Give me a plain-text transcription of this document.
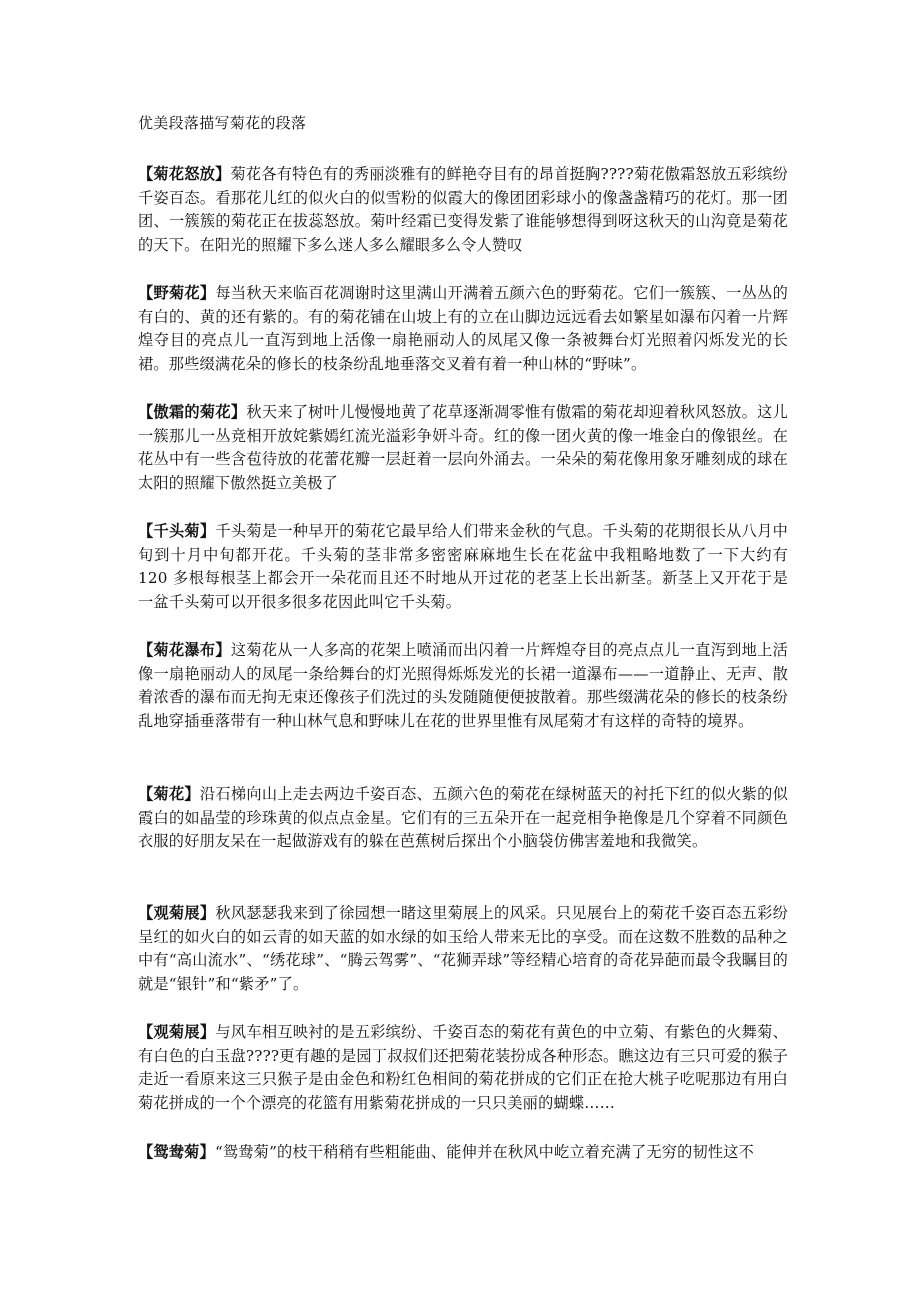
优美段落描写菊花的段落

【菊花怒放】菊花各有特色有的秀丽淡雅有的鲜艳夺目有的昂首挺胸????菊花傲霜怒放五彩缤纷千姿百态。看那花儿红的似火白的似雪粉的似霞大的像团团彩球小的像盏盏精巧的花灯。那一团团、一簇簇的菊花正在拔蕊怒放。菊叶经霜已变得发紫了谁能够想得到呀这秋天的山沟竟是菊花的天下。在阳光的照耀下多么迷人多么耀眼多么令人赞叹

【野菊花】每当秋天来临百花凋谢时这里满山开满着五颜六色的野菊花。它们一簇簇、一丛丛的有白的、黄的还有紫的。有的菊花铺在山坡上有的立在山脚边远远看去如繁星如瀑布闪着一片辉煌夺目的亮点儿一直泻到地上活像一扇艳丽动人的凤尾又像一条被舞台灯光照着闪烁发光的长裙。那些缀满花朵的修长的枝条纷乱地垂落交叉着有着一种山林的“野味”。

【傲霜的菊花】秋天来了树叶儿慢慢地黄了花草逐渐凋零惟有傲霜的菊花却迎着秋风怒放。这儿一簇那儿一丛竞相开放姹紫嫣红流光溢彩争妍斗奇。红的像一团火黄的像一堆金白的像银丝。在花丛中有一些含苞待放的花蕾花瓣一层赶着一层向外涌去。一朵朵的菊花像用象牙雕刻成的球在太阳的照耀下傲然挺立美极了

【千头菊】千头菊是一种早开的菊花它最早给人们带来金秋的气息。千头菊的花期很长从八月中旬到十月中旬都开花。千头菊的茎非常多密密麻麻地生长在花盆中我粗略地数了一下大约有 120 多根每根茎上都会开一朵花而且还不时地从开过花的老茎上长出新茎。新茎上又开花于是一盆千头菊可以开很多很多花因此叫它千头菊。

【菊花瀑布】这菊花从一人多高的花架上喷涌而出闪着一片辉煌夺目的亮点点儿一直泻到地上活像一扇艳丽动人的凤尾一条给舞台的灯光照得烁烁发光的长裙一道瀑布——一道静止、无声、散着浓香的瀑布而无拘无束还像孩子们洗过的头发随随便便披散着。那些缀满花朵的修长的枝条纷乱地穿插垂落带有一种山林气息和野味儿在花的世界里惟有凤尾菊才有这样的奇特的境界。

【菊花】沿石梯向山上走去两边千姿百态、五颜六色的菊花在绿树蓝天的衬托下红的似火紫的似霞白的如晶莹的珍珠黄的似点点金星。它们有的三五朵开在一起竞相争艳像是几个穿着不同颜色衣服的好朋友呆在一起做游戏有的躲在芭蕉树后探出个小脑袋仿佛害羞地和我微笑。

【观菊展】秋风瑟瑟我来到了徐园想一睹这里菊展上的风采。只见展台上的菊花千姿百态五彩纷呈红的如火白的如云青的如天蓝的如水绿的如玉给人带来无比的享受。而在这数不胜数的品种之中有“高山流水”、“绣花球”、“腾云驾雾”、“花狮弄球”等经精心培育的奇花异葩而最令我瞩目的就是“银针”和“紫矛”了。

【观菊展】与风车相互映衬的是五彩缤纷、千姿百态的菊花有黄色的中立菊、有紫色的火舞菊、有白色的白玉盘????更有趣的是园丁叔叔们还把菊花装扮成各种形态。瞧这边有三只可爱的猴子走近一看原来这三只猴子是由金色和粉红色相间的菊花拼成的它们正在抢大桃子吃呢那边有用白菊花拼成的一个个漂亮的花篮有用紫菊花拼成的一只只美丽的蝴蝶……

【鸳鸯菊】“鸳鸯菊”的枝干稍稍有些粗能曲、能伸并在秋风中屹立着充满了无穷的韧性这不
